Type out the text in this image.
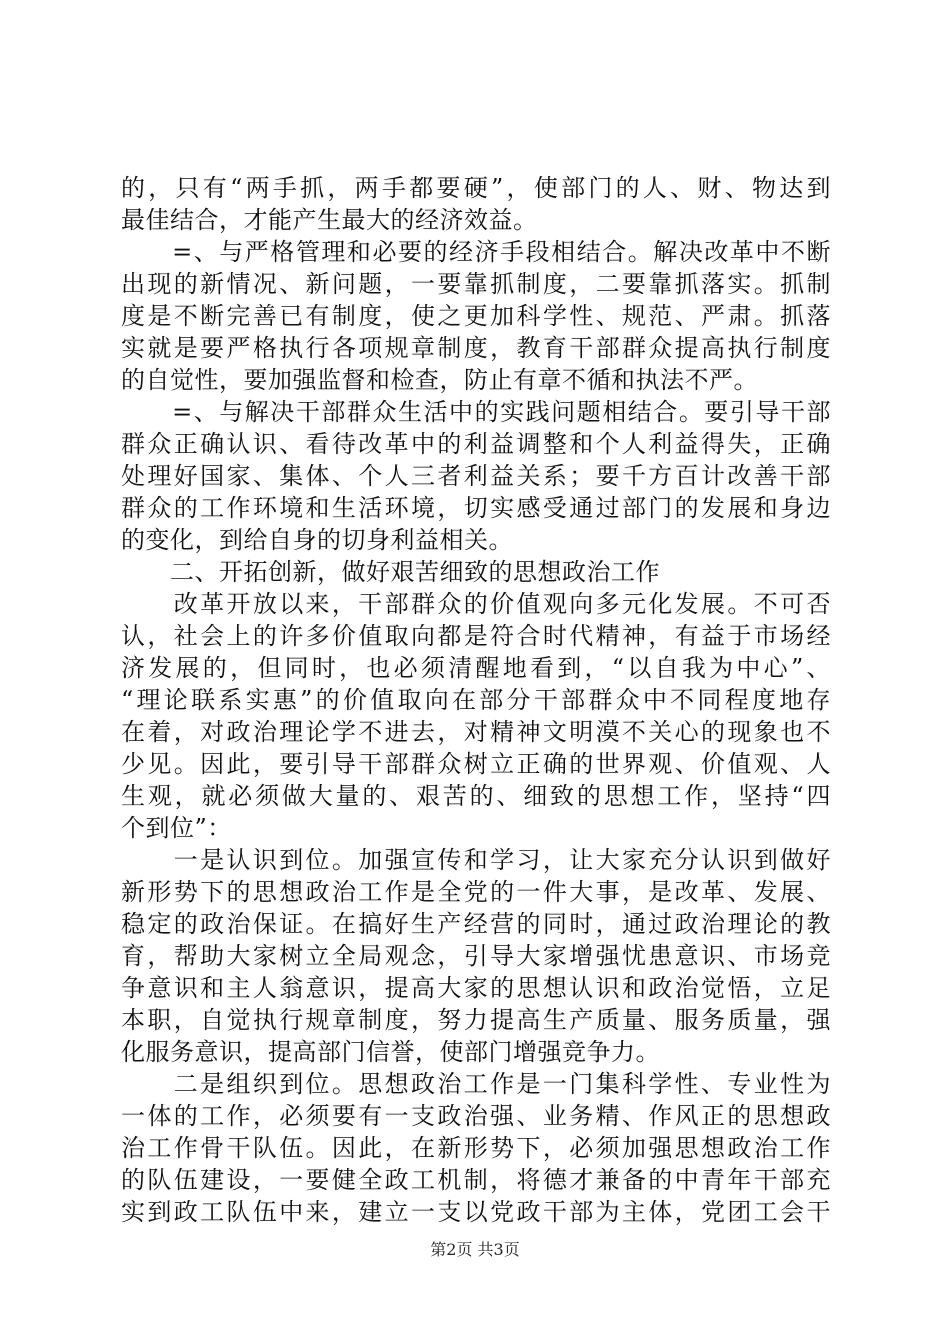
的，只有“两手抓，两手都要硬”，使部门的人、财、物达到
最佳结合，才能产生最大的经济效益。
　　=、与严格管理和必要的经济手段相结合。解决改革中不断
出现的新情况、新问题，一要靠抓制度，二要靠抓落实。抓制
度是不断完善已有制度，使之更加科学性、规范、严肃。抓落
实就是要严格执行各项规章制度，教育干部群众提高执行制度
的自觉性，要加强监督和检查，防止有章不循和执法不严。
　　=、与解决干部群众生活中的实践问题相结合。要引导干部
群众正确认识、看待改革中的利益调整和个人利益得失，正确
处理好国家、集体、个人三者利益关系；要千方百计改善干部
群众的工作环境和生活环境，切实感受通过部门的发展和身边
的变化，到给自身的切身利益相关。
　　二、开拓创新，做好艰苦细致的思想政治工作
　　改革开放以来，干部群众的价值观向多元化发展。不可否
认，社会上的许多价值取向都是符合时代精神，有益于市场经
济发展的，但同时，也必须清醒地看到，“以自我为中心”、
“理论联系实惠”的价值取向在部分干部群众中不同程度地存
在着，对政治理论学不进去，对精神文明漠不关心的现象也不
少见。因此，要引导干部群众树立正确的世界观、价值观、人
生观，就必须做大量的、艰苦的、细致的思想工作，坚持“四
个到位”：
　　一是认识到位。加强宣传和学习，让大家充分认识到做好
新形势下的思想政治工作是全党的一件大事，是改革、发展、
稳定的政治保证。在搞好生产经营的同时，通过政治理论的教
育，帮助大家树立全局观念，引导大家增强忧患意识、市场竞
争意识和主人翁意识，提高大家的思想认识和政治觉悟，立足
本职，自觉执行规章制度，努力提高生产质量、服务质量，强
化服务意识，提高部门信誉，使部门增强竞争力。
　　二是组织到位。思想政治工作是一门集科学性、专业性为
一体的工作，必须要有一支政治强、业务精、作风正的思想政
治工作骨干队伍。因此，在新形势下，必须加强思想政治工作
的队伍建设，一要健全政工机制，将德才兼备的中青年干部充
实到政工队伍中来，建立一支以党政干部为主体，党团工会干
第2页 共3页
